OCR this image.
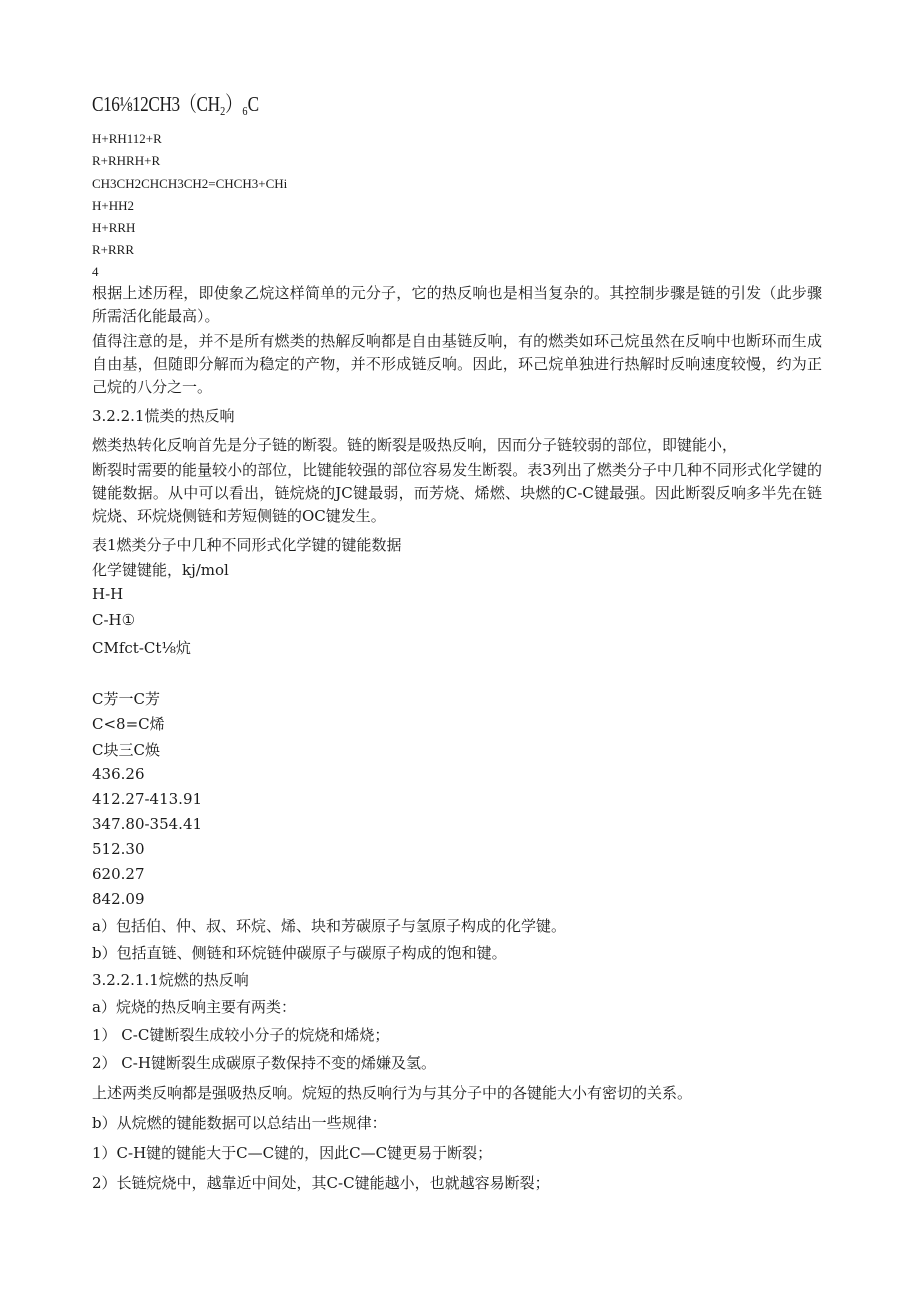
C16⅛12CH3（CH₂）₆C
H+RH112+R
R+RHRH+R
CH3CH2CHCH3CH2=CHCH3+CHi
H+HH2
H+RRH
R+RRR
4
根据上述历程，即使象乙烷这样简单的元分子，它的热反响也是相当复杂的。其控制步骤是链的引发（此步骤所需活化能最高）。
值得注意的是，并不是所有燃类的热解反响都是自由基链反响，有的燃类如环己烷虽然在反响中也断环而生成自由基，但随即分解而为稳定的产物，并不形成链反响。因此，环己烷单独进行热解时反响速度较慢，约为正己烷的八分之一。
3.2.2.1慌类的热反响
燃类热转化反响首先是分子链的断裂。链的断裂是吸热反响，因而分子链较弱的部位，即键能小，
断裂时需要的能量较小的部位，比键能较强的部位容易发生断裂。表3列出了燃类分子中几种不同形式化学键的键能数据。从中可以看出，链烷烧的JC键最弱，而芳烧、烯燃、块燃的C-C键最强。因此断裂反响多半先在链烷烧、环烷烧侧链和芳短侧链的OC键发生。
表1燃类分子中几种不同形式化学键的键能数据
化学键键能，kj/mol
H-H
C-H①
CMfct-Ct⅛炕
C芳一C芳
C<8=C烯
C块三C焕
436.26
412.27-413.91
347.80-354.41
512.30
620.27
842.09
a）包括伯、仲、叔、环烷、烯、块和芳碳原子与氢原子构成的化学键。
b）包括直链、侧链和环烷链仲碳原子与碳原子构成的饱和键。
3.2.2.1.1烷燃的热反响
a）烷烧的热反响主要有两类：
1） C-C键断裂生成较小分子的烷烧和烯烧；
2） C-H键断裂生成碳原子数保持不变的烯嫌及氢。
上述两类反响都是强吸热反响。烷短的热反响行为与其分子中的各键能大小有密切的关系。
b）从烷燃的键能数据可以总结出一些规律：
1）C-H键的键能大于C—C键的，因此C—C键更易于断裂；
2）长链烷烧中，越靠近中间处，其C-C键能越小，也就越容易断裂；
